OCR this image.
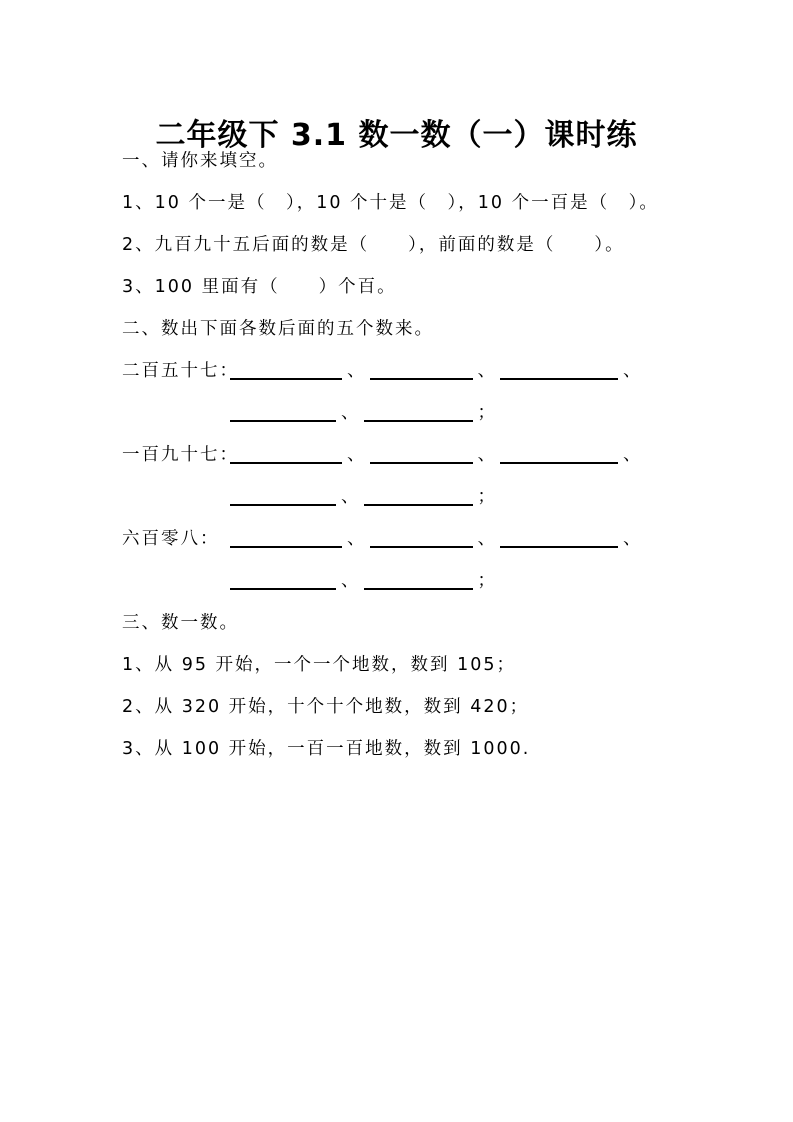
二年级下 3.1 数一数（一）课时练

一、请你来填空。

1、10 个一是（　），10 个十是（　），10 个一百是（　）。

2、九百九十五后面的数是（　　），前面的数是（　　）。

3、100 里面有（　　）个百。

二、数出下面各数后面的五个数来。

二百五十七：	、	、	、
、	；
一百九十七：	、	、	、
、	；
六百零八：	、	、	、
、	；

三、数一数。

1、从 95 开始，一个一个地数，数到 105；

2、从 320 开始，十个十个地数，数到 420；

3、从 100 开始，一百一百地数，数到 1000.
